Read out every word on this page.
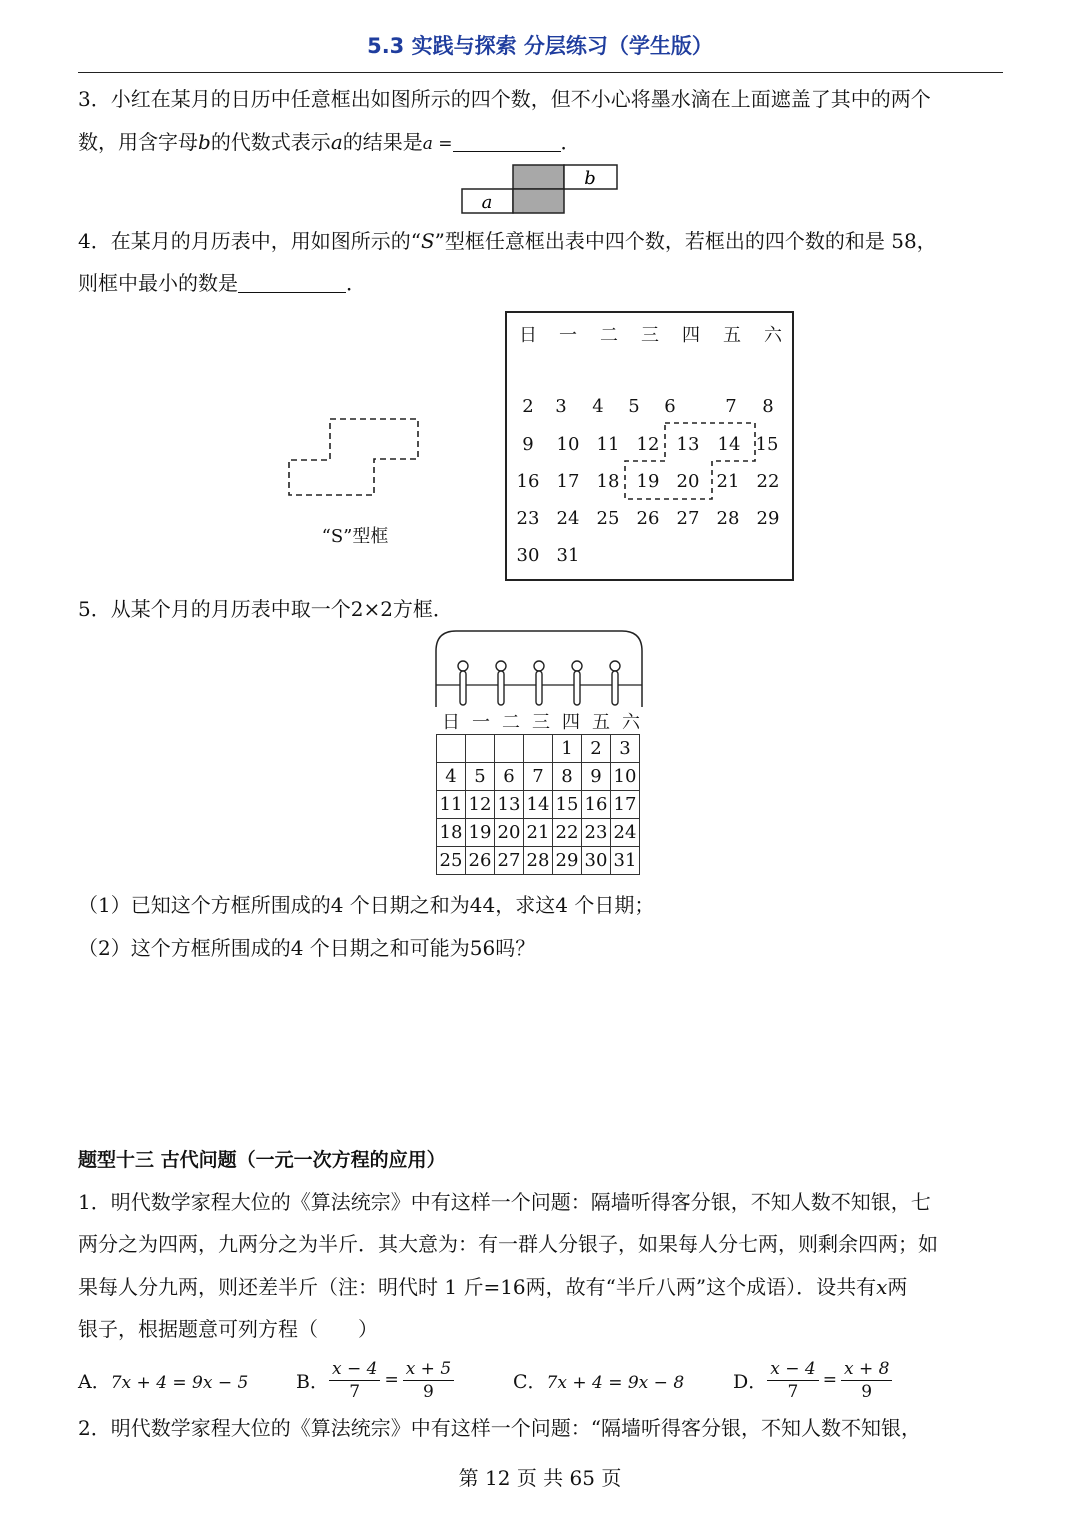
5.3 实践与探索 分层练习（学生版）
3．小红在某月的日历中任意框出如图所示的四个数，但不小心将墨水滴在上面遮盖了其中的两个
数，用含字母b的代数式表示a的结果是a =	．
b
a
4．在某月的月历表中，用如图所示的“S”型框任意框出表中四个数，若框出的四个数的和是 58，
则框中最小的数是	．
“S”型框
日	一	二	三	四	五	六
2	3	4	5	6	7	8
9	10 11 12 13	14 15
16 17 18 19 20 21 22
23 24 25 26 27 28 29
30 31
5．从某个月的月历表中取一个2×2方框．
日 一 二 三 四 五 六
				1	2	3
4	5	6	7	8	9	10
11	12	13	14	15	16	17
18	19	20	21	22	23	24
25	26	27	28	29	30	31
（1）已知这个方框所围成的4 个日期之和为44，求这4 个日期；
（2）这个方框所围成的4 个日期之和可能为56吗？
题型十三 古代问题（一元一次方程的应用）
1．明代数学家程大位的《算法统宗》中有这样一个问题：隔墙听得客分银，不知人数不知银，七
两分之为四两，九两分之为半斤．其大意为：有一群人分银子，如果每人分七两，则剩余四两；如
果每人分九两，则还差半斤（注：明代时 1 斤=16两，故有“半斤八两”这个成语）．设共有x两
银子，根据题意可列方程（　　）
A．7x + 4 = 9x − 5	B． $\frac{x - 4}{7} = \frac{x + 5}{9}$	C．7x + 4 = 9x − 8	D． $\frac{x - 4}{7} = \frac{x + 8}{9}$
2．明代数学家程大位的《算法统宗》中有这样一个问题：“隔墙听得客分银，不知人数不知银，
第 12 页 共 65 页
